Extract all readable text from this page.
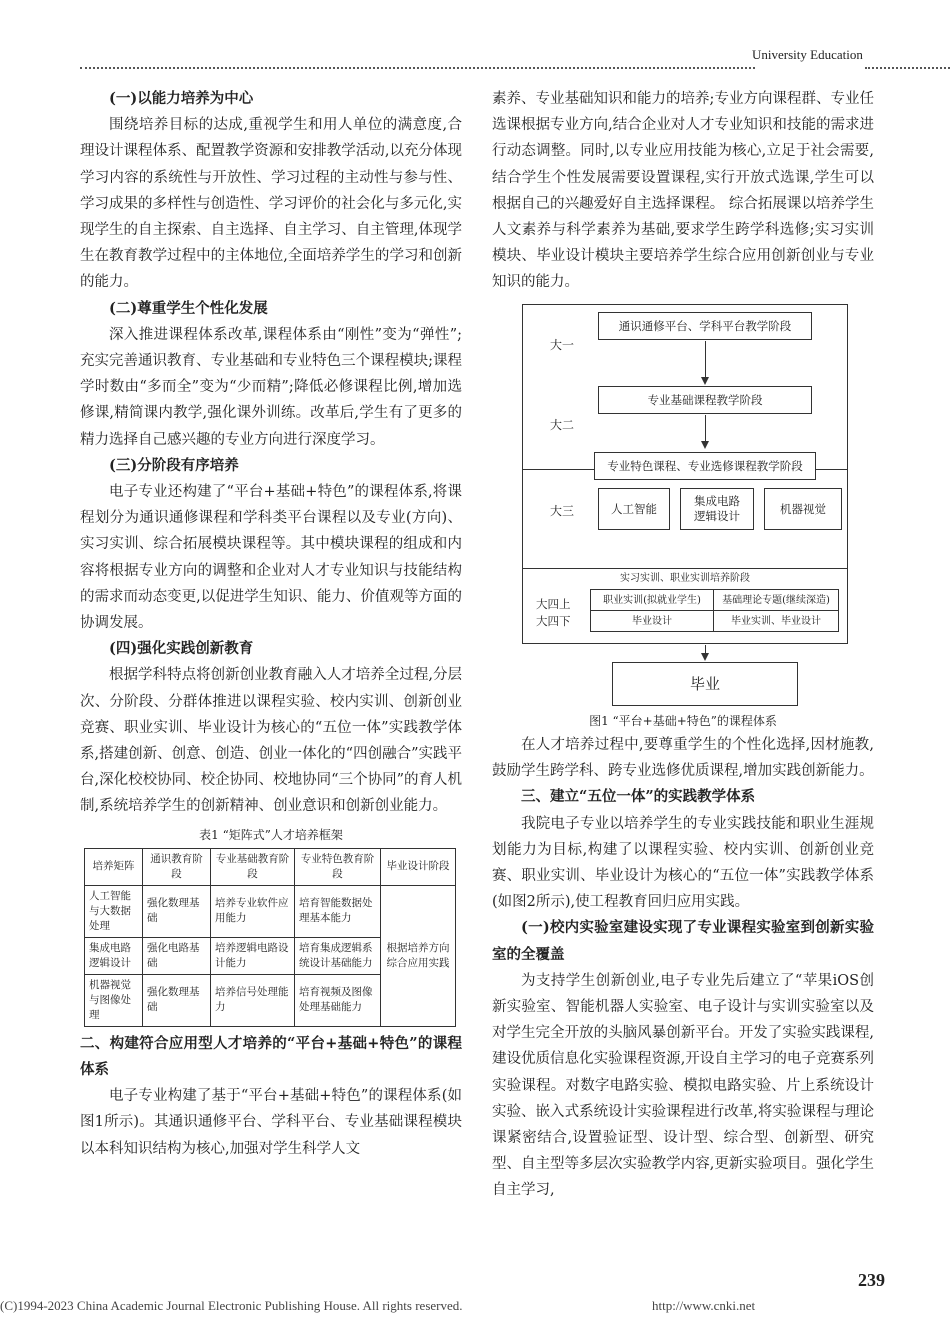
University Education

(一)以能力培养为中心

围绕培养目标的达成,重视学生和用人单位的满意度,合理设计课程体系、配置教学资源和安排教学活动,以充分体现学习内容的系统性与开放性、学习过程的主动性与参与性、学习成果的多样性与创造性、学习评价的社会化与多元化,实现学生的自主探索、自主选择、自主学习、自主管理,体现学生在教育教学过程中的主体地位,全面培养学生的学习和创新的能力。

(二)尊重学生个性化发展

深入推进课程体系改革,课程体系由“刚性”变为“弹性”;充实完善通识教育、专业基础和专业特色三个课程模块;课程学时数由“多而全”变为“少而精”;降低必修课程比例,增加选修课,精简课内教学,强化课外训练。改革后,学生有了更多的精力选择自己感兴趣的专业方向进行深度学习。

(三)分阶段有序培养

电子专业还构建了“平台+基础+特色”的课程体系,将课程划分为通识通修课程和学科类平台课程以及专业(方向)、实习实训、综合拓展模块课程等。其中模块课程的组成和内容将根据专业方向的调整和企业对人才专业知识与技能结构的需求而动态变更,以促进学生知识、能力、价值观等方面的协调发展。

(四)强化实践创新教育

根据学科特点将创新创业教育融入人才培养全过程,分层次、分阶段、分群体推进以课程实验、校内实训、创新创业竞赛、职业实训、毕业设计为核心的“五位一体”实践教学体系,搭建创新、创意、创造、创业一体化的“四创融合”实践平台,深化校校协同、校企协同、校地协同“三个协同”的育人机制,系统培养学生的创新精神、创业意识和创新创业能力。

表1 “矩阵式”人才培养框架
培养矩阵	通识教育阶段	专业基础教育阶段	专业特色教育阶段	毕业设计阶段
人工智能与大数据处理	强化数理基础	培养专业软件应用能力	培育智能数据处理基本能力	根据培养方向综合应用实践
集成电路逻辑设计	强化电路基础	培养逻辑电路设计能力	培育集成逻辑系统设计基础能力	
机器视觉与图像处理	强化数理基础	培养信号处理能力	培育视频及图像处理基础能力	

二、构建符合应用型人才培养的“平台+基础+特色”的课程体系

电子专业构建了基于“平台+基础+特色”的课程体系(如图1所示)。其通识通修平台、学科平台、专业基础课程模块以本科知识结构为核心,加强对学生科学人文

素养、专业基础知识和能力的培养;专业方向课程群、专业任选课根据专业方向,结合企业对人才专业知识和技能的需求进行动态调整。同时,以专业应用技能为核心,立足于社会需要,结合学生个性发展需要设置课程,实行开放式选课,学生可以根据自己的兴趣爱好自主选择课程。 综合拓展课以培养学生人文素养与科学素养为基础,要求学生跨学科选修;实习实训模块、毕业设计模块主要培养学生综合应用创新创业与专业知识的能力。

大一
大二
通识通修平台、学科平台教学阶段
专业基础课程教学阶段
专业特色课程、专业选修课程教学阶段
大三	人工智能
集成电路
逻辑设计
机器视觉
实习实训、职业实训培养阶段
大四上
大四下
职业实训(拟就业学生)	基础理论专题(继续深造)
毕业设计	毕业实训、毕业设计
毕业
图1 “平台+基础+特色”的课程体系

在人才培养过程中,要尊重学生的个性化选择,因材施教,鼓励学生跨学科、跨专业选修优质课程,增加实践创新能力。

三、建立“五位一体”的实践教学体系

我院电子专业以培养学生的专业实践技能和职业生涯规划能力为目标,构建了以课程实验、校内实训、创新创业竞赛、职业实训、毕业设计为核心的“五位一体”实践教学体系(如图2所示),使工程教育回归应用实践。

(一)校内实验室建设实现了专业课程实验室到创新实验室的全覆盖

为支持学生创新创业,电子专业先后建立了“苹果iOS创新实验室、智能机器人实验室、电子设计与实训实验室以及对学生完全开放的头脑风暴创新平台。开发了实验实践课程,建设优质信息化实验课程资源,开设自主学习的电子竞赛系列实验课程。对数字电路实验、模拟电路实验、片上系统设计实验、嵌入式系统设计实验课程进行改革,将实验课程与理论课紧密结合,设置验证型、设计型、综合型、创新型、研究型、自主型等多层次实验教学内容,更新实验项目。强化学生自主学习,

239
(C)1994-2023 China Academic Journal Electronic Publishing House. All rights reserved.	http://www.cnki.net
